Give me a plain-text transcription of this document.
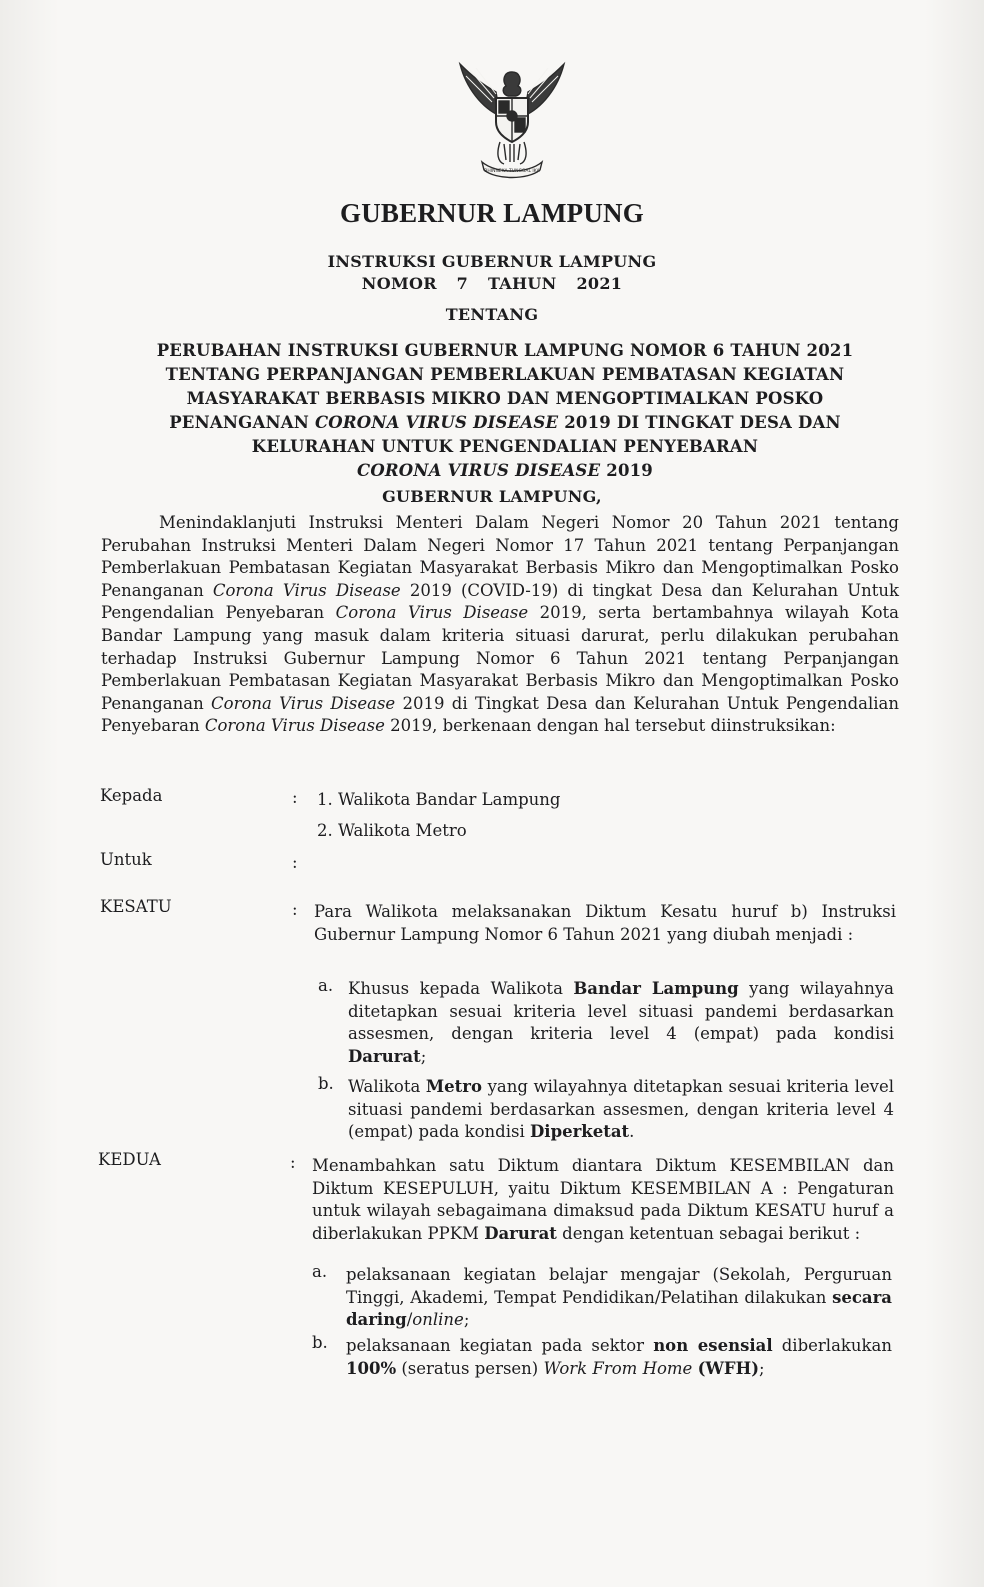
BHINNEKA TUNGGAL IKA
GUBERNUR LAMPUNG
INSTRUKSI GUBERNUR LAMPUNG
NOMOR 7 TAHUN 2021
TENTANG
PERUBAHAN INSTRUKSI GUBERNUR LAMPUNG NOMOR 6 TAHUN 2021 TENTANG PERPANJANGAN PEMBERLAKUAN PEMBATASAN KEGIATAN MASYARAKAT BERBASIS MIKRO DAN MENGOPTIMALKAN POSKO PENANGANAN CORONA VIRUS DISEASE 2019 DI TINGKAT DESA DAN KELURAHAN UNTUK PENGENDALIAN PENYEBARAN
CORONA VIRUS DISEASE 2019
GUBERNUR LAMPUNG,
Menindaklanjuti Instruksi Menteri Dalam Negeri Nomor 20 Tahun 2021 tentang Perubahan Instruksi Menteri Dalam Negeri Nomor 17 Tahun 2021 tentang Perpanjangan Pemberlakuan Pembatasan Kegiatan Masyarakat Berbasis Mikro dan Mengoptimalkan Posko Penanganan Corona Virus Disease 2019 (COVID-19) di tingkat Desa dan Kelurahan Untuk Pengendalian Penyebaran Corona Virus Disease 2019, serta bertambahnya wilayah Kota Bandar Lampung yang masuk dalam kriteria situasi darurat, perlu dilakukan perubahan terhadap Instruksi Gubernur Lampung Nomor 6 Tahun 2021 tentang Perpanjangan Pemberlakuan Pembatasan Kegiatan Masyarakat Berbasis Mikro dan Mengoptimalkan Posko Penanganan Corona Virus Disease 2019 di Tingkat Desa dan Kelurahan Untuk Pengendalian Penyebaran Corona Virus Disease 2019, berkenaan dengan hal tersebut diinstruksikan:
Kepada	: 1. Walikota Bandar Lampung
2. Walikota Metro
Untuk	:
KESATU	: Para Walikota melaksanakan Diktum Kesatu huruf b) Instruksi Gubernur Lampung Nomor 6 Tahun 2021 yang diubah menjadi :
a. Khusus kepada Walikota Bandar Lampung yang wilayahnya ditetapkan sesuai kriteria level situasi pandemi berdasarkan assesmen, dengan kriteria level 4 (empat) pada kondisi Darurat;
b. Walikota Metro yang wilayahnya ditetapkan sesuai kriteria level situasi pandemi berdasarkan assesmen, dengan kriteria level 4 (empat) pada kondisi Diperketat.
KEDUA	: Menambahkan satu Diktum diantara Diktum KESEMBILAN dan Diktum KESEPULUH, yaitu Diktum KESEMBILAN A : Pengaturan untuk wilayah sebagaimana dimaksud pada Diktum KESATU huruf a diberlakukan PPKM Darurat dengan ketentuan sebagai berikut :
a. pelaksanaan kegiatan belajar mengajar (Sekolah, Perguruan Tinggi, Akademi, Tempat Pendidikan/Pelatihan dilakukan secara daring/online;
b. pelaksanaan kegiatan pada sektor non esensial diberlakukan 100% (seratus persen) Work From Home (WFH);
